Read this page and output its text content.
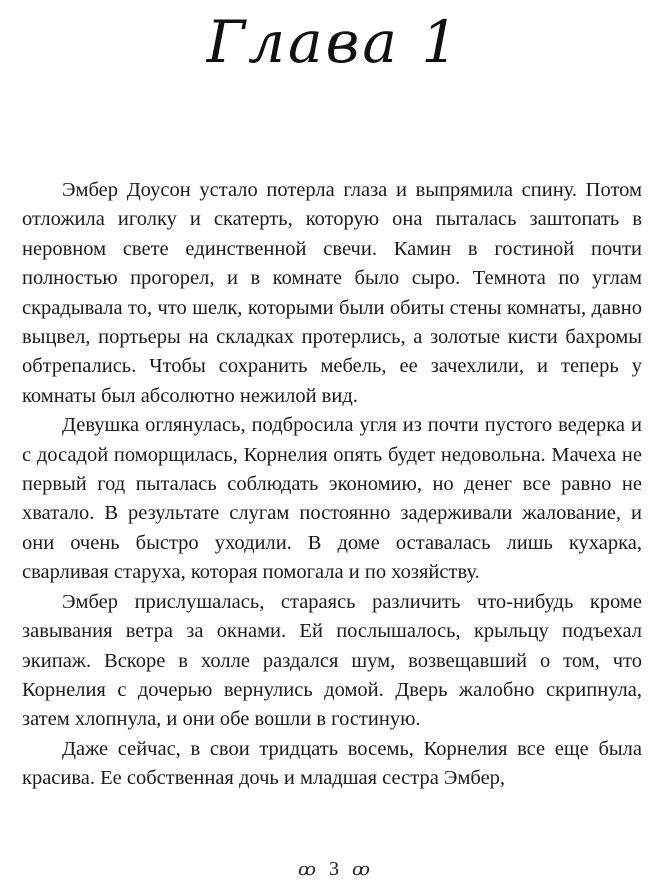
Глава 1

Эмбер Доусон устало потерла глаза и выпрямила спину. Потом отложила иголку и скатерть, которую она пыталась заштопать в неровном свете единственной свечи. Камин в гостиной почти полностью прогорел, и в комнате было сыро. Темнота по углам скрадывала то, что шелк, которыми были обиты стены комнаты, давно выцвел, портьеры на складках протерлись, а золотые кисти бахромы обтрепались. Чтобы сохранить мебель, ее зачехлили, и теперь у комнаты был абсолютно нежилой вид.

Девушка оглянулась, подбросила угля из почти пустого ведерка и с досадой поморщилась, Корнелия опять будет недовольна. Мачеха не первый год пыталась соблюдать экономию, но денег все равно не хватало. В результате слугам постоянно задерживали жалование, и они очень быстро уходили. В доме оставалась лишь кухарка, сварливая старуха, которая помогала и по хозяйству.

Эмбер прислушалась, стараясь различить что-нибудь кроме завывания ветра за окнами. Ей послышалось, крыльцу подъехал экипаж. Вскоре в холле раздался шум, возвещавший о том, что Корнелия с дочерью вернулись домой. Дверь жалобно скрипнула, затем хлопнула, и они обе вошли в гостиную.

Даже сейчас, в свои тридцать восемь, Корнелия все еще была красива. Ее собственная дочь и младшая сестра Эмбер,

ꝏ 3 ꝏ
